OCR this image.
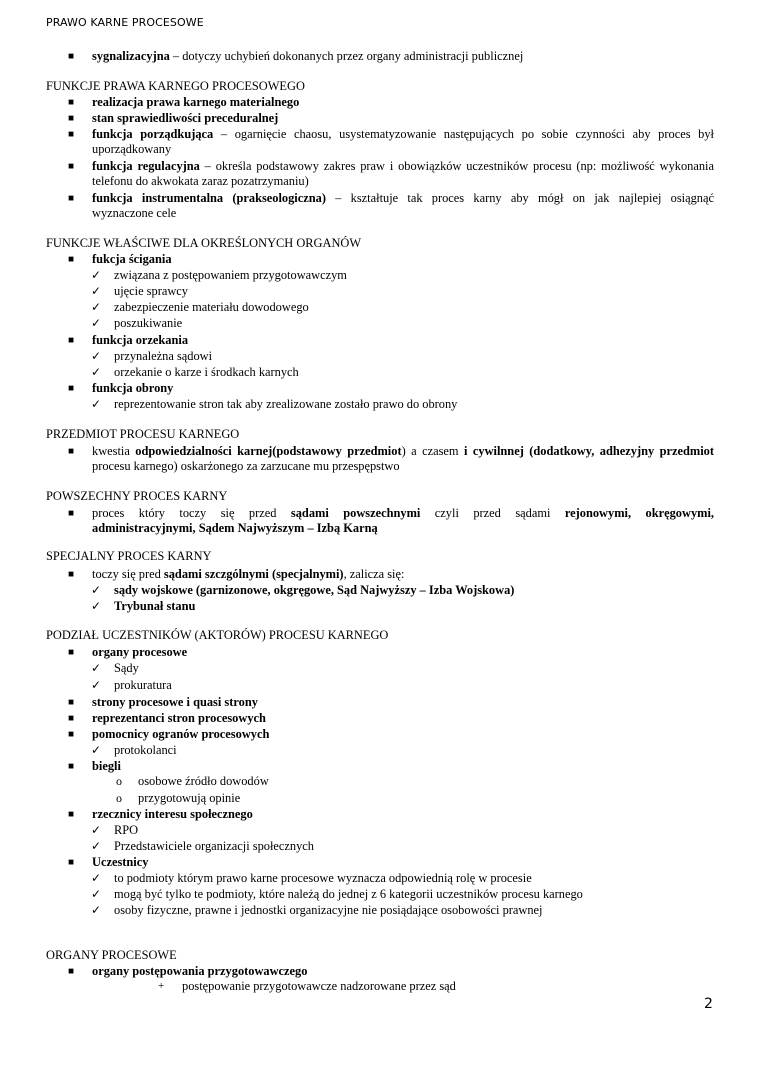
PRAWO KARNE PROCESOWE
■ sygnalizacyjna – dotyczy uchybień dokonanych przez organy administracji publicznej
FUNKCJE PRAWA KARNEGO PROCESOWEGO
■ realizacja prawa karnego materialnego
■ stan sprawiedliwości preceduralnej
■ funkcja porządkująca – ogarnięcie chaosu, usystematyzowanie następujących po sobie czynności aby proces był
uporządkowany
■ funkcja regulacyjna – określa podstawowy zakres praw i obowiązków uczestników procesu (np: możliwość wykonania
telefonu do akwokata zaraz pozatrzymaniu)
■ funkcja instrumentalna (prakseologiczna) – kształtuje tak proces karny aby mógł on jak najlepiej osiągnąć
wyznaczone cele
FUNKCJE WŁAŚCIWE DLA OKREŚLONYCH ORGANÓW
■ fukcja ścigania
✓ związana z postępowaniem przygotowawczym
✓ ujęcie sprawcy
✓ zabezpieczenie materiału dowodowego
✓ poszukiwanie
■ funkcja orzekania
✓ przynależna sądowi
✓ orzekanie o karze i środkach karnych
■ funkcja obrony
✓ reprezentowanie stron tak aby zrealizowane zostało prawo do obrony
PRZEDMIOT PROCESU KARNEGO
■ kwestia odpowiedzialności karnej(podstawowy przedmiot) a czasem i cywilnnej (dodatkowy, adhezyjny przedmiot
procesu karnego) oskarżonego za zarzucane mu przespępstwo
POWSZECHNY PROCES KARNY
■ proces który toczy się przed sądami powszechnymi czyli przed sądami rejonowymi, okręgowymi,
administracyjnymi, Sądem Najwyższym – Izbą Karną
SPECJALNY PROCES KARNY
■ toczy się pred sądami szczgólnymi (specjalnymi), zalicza się:
✓ sądy wojskowe (garnizonowe, okgręgowe, Sąd Najwyższy – Izba Wojskowa)
✓ Trybunał stanu
PODZIAŁ UCZESTNIKÓW (AKTORÓW) PROCESU KARNEGO
■ organy procesowe
✓ Sądy
✓ prokuratura
■ strony procesowe i quasi strony
■ reprezentanci stron procesowych
■ pomocnicy ogranów procesowych
✓ protokolanci
■ biegli
o osobowe źródło dowodów
o przygotowują opinie
■ rzecznicy interesu społecznego
✓ RPO
✓ Przedstawiciele organizacji społecznych
■ Uczestnicy
✓ to podmioty którym prawo karne procesowe wyznacza odpowiednią rolę w procesie
✓ mogą być tylko te podmioty, które należą do jednej z 6 kategorii uczestników procesu karnego
✓ osoby fizyczne, prawne i jednostki organizacyjne nie posiądające osobowości prawnej
ORGANY PROCESOWE
■ organy postępowania przygotowawczego
+ postępowanie przygotowawcze nadzorowane przez sąd
2
